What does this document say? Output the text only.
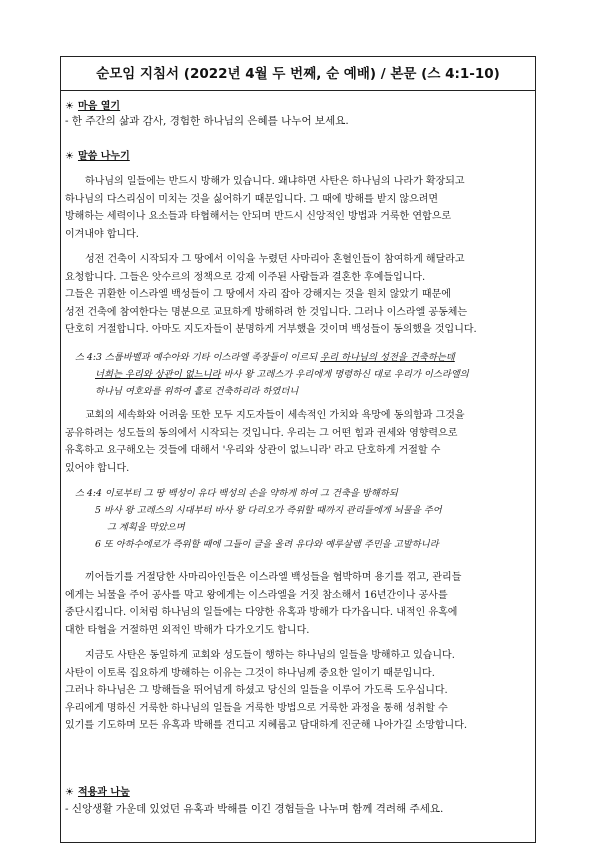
순모임 지침서 (2022년 4월 두 번째, 순 예배) / 본문 (스 4:1-10)
☀ 마음 열기
- 한 주간의 삶과 감사, 경험한 하나님의 은혜를 나누어 보세요.
☀ 말씀 나누기
하나님의 일들에는 반드시 방해가 있습니다. 왜냐하면 사탄은 하나님의 나라가 확장되고
하나님의 다스리심이 미치는 것을 싫어하기 때문입니다. 그 때에 방해를 받지 않으려면
방해하는 세력이나 요소들과 타협해서는 안되며 반드시 신앙적인 방법과 거룩한 연합으로
이겨내야 합니다.
성전 건축이 시작되자 그 땅에서 이익을 누렸던 사마리아 혼혈인들이 참여하게 해달라고
요청합니다. 그들은 앗수르의 정책으로 강제 이주된 사람들과 결혼한 후예들입니다.
그들은 귀환한 이스라엘 백성들이 그 땅에서 자리 잡아 강해지는 것을 원치 않았기 때문에
성전 건축에 참여한다는 명분으로 교묘하게 방해하려 한 것입니다. 그러나 이스라엘 공동체는
단호히 거절합니다. 아마도 지도자들이 분명하게 거부했을 것이며 백성들이 동의했을 것입니다.
스 4:3 스룹바벨과 예수아와 기타 이스라엘 족장들이 이르되 우리 하나님의 성전을 건축하는데
너희는 우리와 상관이 없느니라 바사 왕 고레스가 우리에게 명령하신 대로 우리가 이스라엘의
하나님 여호와를 위하여 홀로 건축하리라 하였더니
교회의 세속화와 어려움 또한 모두 지도자들이 세속적인 가치와 욕망에 동의함과 그것을
공유하려는 성도들의 동의에서 시작되는 것입니다. 우리는 그 어떤 힘과 권세와 영향력으로
유혹하고 요구해오는 것들에 대해서 '우리와 상관이 없느니라' 라고 단호하게 거절할 수
있어야 합니다.
스 4:4 이로부터 그 땅 백성이 유다 백성의 손을 약하게 하여 그 건축을 방해하되
5 바사 왕 고레스의 시대부터 바사 왕 다리오가 즉위할 때까지 관리들에게 뇌물을 주어
그 계획을 막았으며
6 또 아하수에로가 즉위할 때에 그들이 글을 올려 유다와 예루살렘 주민을 고발하니라
끼어들기를 거절당한 사마리아인들은 이스라엘 백성들을 협박하며 용기를 꺾고, 관리들
에게는 뇌물을 주어 공사를 막고 왕에게는 이스라엘을 거짓 참소해서 16년간이나 공사를
중단시킵니다. 이처럼 하나님의 일들에는 다양한 유혹과 방해가 다가옵니다. 내적인 유혹에
대한 타협을 거절하면 외적인 박해가 다가오기도 합니다.
지금도 사탄은 동일하게 교회와 성도들이 행하는 하나님의 일들을 방해하고 있습니다.
사탄이 이토록 집요하게 방해하는 이유는 그것이 하나님께 중요한 일이기 때문입니다.
그러나 하나님은 그 방해들을 뛰어넘게 하셨고 당신의 일들을 이루어 가도록 도우십니다.
우리에게 명하신 거룩한 하나님의 일들을 거룩한 방법으로 거룩한 과정을 통해 성취할 수
있기를 기도하며 모든 유혹과 박해를 견디고 지혜롭고 담대하게 진군해 나아가길 소망합니다.
☀ 적용과 나눔
- 신앙생활 가운데 있었던 유혹과 박해를 이긴 경험들을 나누며 함께 격려해 주세요.
